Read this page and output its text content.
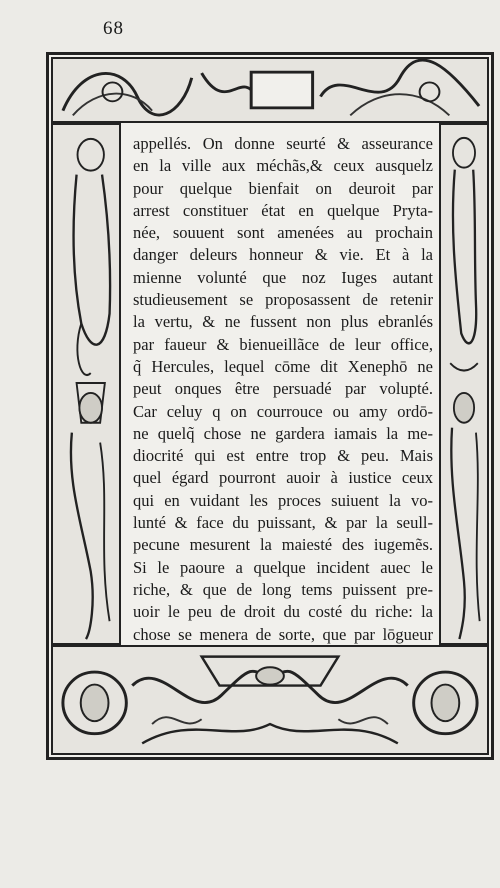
68
appellés. On donne seurté & asseurance
en la ville aux méchãs,& ceux ausquelz
pour quelque bienfait on deuroit par
arrest constituer état en quelque Pryta-
née, souuent sont amenées au prochain
danger deleurs honneur & vie. Et à la
mienne volunté que noz Iuges autant
studieusement se proposassent de retenir
la vertu, & ne fussent non plus ebranlés
par faueur & bienueillãce de leur office,
q̃ Hercules, lequel cōme dit Xenephō ne
peut onques être persuadé par volupté.
Car celuy q on courrouce ou amy ordō-
ne quelq̃ chose ne gardera iamais la me-
diocrité qui est entre trop & peu. Mais
quel égard pourront auoir à iustice ceux
qui en vuidant les proces suiuent la vo-
lunté & face du puissant, & par la seull-
pecune mesurent la maiesté des iugemẽs.
Si le paoure a quelque incident auec le
riche, & que de long tems puissent pre-
uoir le peu de droit du costé du riche: la
chose se menera de sorte, que par lōgueur
